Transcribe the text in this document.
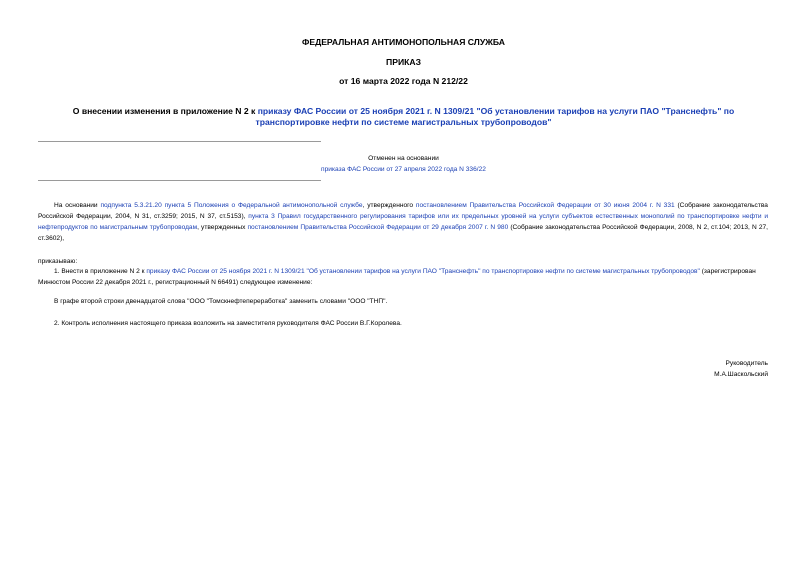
ФЕДЕРАЛЬНАЯ АНТИМОНОПОЛЬНАЯ СЛУЖБА
ПРИКАЗ
от 16 марта 2022 года N 212/22
О внесении изменения в приложение N 2 к приказу ФАС России от 25 ноября 2021 г. N 1309/21 "Об установлении тарифов на услуги ПАО "Транснефть" по транспортировке нефти по системе магистральных трубопроводов"

Отменен на основании

приказа ФАС России от 27 апреля 2022 года N 336/22

На основании подпункта 5.3.21.20 пункта 5 Положения о Федеральной антимонопольной службе, утвержденного постановлением Правительства Российской Федерации от 30 июня 2004 г. N 331 (Собрание законодательства Российской Федерации, 2004, N 31, ст.3259; 2015, N 37, ст.5153), пункта 3 Правил государственного регулирования тарифов или их предельных уровней на услуги субъектов естественных монополий по транспортировке нефти и нефтепродуктов по магистральным трубопроводам, утвержденных постановлением Правительства Российской Федерации от 29 декабря 2007 г. N 980 (Собрание законодательства Российской Федерации, 2008, N 2, ст.104; 2013, N 27, ст.3602),

приказываю:

1. Внести в приложение N 2 к приказу ФАС России от 25 ноября 2021 г. N 1309/21 "Об установлении тарифов на услуги ПАО "Транснефть" по транспортировке нефти по системе магистральных трубопроводов" (зарегистрирован Минюстом России 22 декабря 2021 г., регистрационный N 66491) следующее изменение:

В графе второй строки двенадцатой слова "ООО "Томскнефтепереработка" заменить словами "ООО "ТНП".

2. Контроль исполнения настоящего приказа возложить на заместителя руководителя ФАС России В.Г.Королева.

Руководитель

М.А.Шаскольский
